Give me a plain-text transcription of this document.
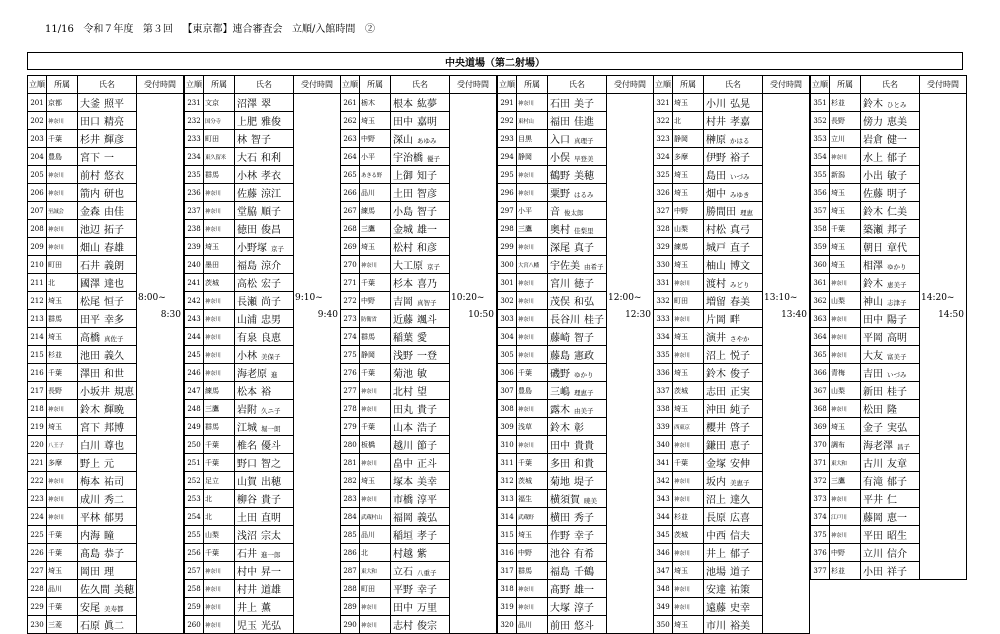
11/16 令和７年度 第３回 【東京都】連合審査会 立順/入館時間 ②
中央道場（第二射場）
立順	所属	氏名	受付時間
201	京都	大釜 照平	8:00~
8:30

202	神奈川	田口 精亮	
203	千葉	杉井 輝彦	
204	豊島	宮下 一	
205	神奈川	前村 悠衣	
206	神奈川	箭内 研也	
207	至誠会	金森 由佳	
208	神奈川	池辺 拓子	
209	神奈川	畑山 春雄	
210	町田	石井 義朗	
211	北	國澤 達也	
212	埼玉	松尾 恒子	
213	群馬	田平 幸多	
214	埼玉	高橋 真佐子	
215	杉並	池田 義久	
216	千葉	澤田 和世	
217	長野	小坂井 規恵	
218	神奈川	鈴木 輝晩	
219	埼玉	宮下 邦博	
220	八王子	白川 尊也	
221	多摩	野上 元	
222	神奈川	梅本 祐司	
223	神奈川	成川 秀二	
224	神奈川	平林 郁男	
225	千葉	内海 瞳	
226	千葉	髙島 恭子	
227	埼玉	岡田 理	
228	品川	佐久間 美穂	
229	千葉	安尾 美寿都	
230	三菱	石原 眞二	
立順	所属	氏名	受付時間
231	文京	沼澤 翠	9:10~
9:40

232	国分寺	上肥 雅俊	
233	町田	林 智子	
234	東久留米	大石 和利	
235	群馬	小林 孝衣	
236	神奈川	佐藤 涼江	
237	神奈川	堂脇 順子	
238	神奈川	徳田 俊昌	
239	埼玉	小野塚 京子	
240	墨田	福島 涼介	
241	茨城	高松 宏子	
242	神奈川	長瀬 尚子	
243	神奈川	山浦 忠男	
244	神奈川	有泉 良恵	
245	神奈川	小林 美保子	
246	神奈川	海老原 進	
247	練馬	松本 裕	
248	三鷹	岩附 久ニ子	
249	群馬	江城 堀一朗	
250	千葉	椎名 優斗	
251	千葉	野口 智之	
252	足立	山賀 出穂	
253	北	柳谷 貴子	
254	北	土田 直明	
255	山梨	浅沼 宗太	
256	千葉	石井 進一郎	
257	神奈川	村中 昇一	
258	神奈川	村井 道雄	
259	神奈川	井上 薫	
260	神奈川	児玉 光弘	
立順	所属	氏名	受付時間
261	栃木	根本 紘夢	10:20~
10:50

262	埼玉	田中 嘉明	
263	中野	深山 あゆみ	
264	小平	宇治橋 優子	
265	あきる野	上御 知子	
266	品川	土田 智彦	
267	練馬	小島 智子	
268	三鷹	金城 雄一	
269	埼玉	松村 和彦	
270	神奈川	大工原 京子	
271	千葉	杉本 喜乃	
272	中野	吉岡 真智子	
273	防衛省	近藤 颯斗	
274	群馬	稲葉 愛	
275	静岡	浅野 一登	
276	千葉	菊池 敏	
277	神奈川	北村 望	
278	神奈川	田丸 貴子	
279	千葉	山本 浩子	
280	板橋	越川 節子	
281	神奈川	畠中 正斗	
282	埼玉	塚本 美幸	
283	神奈川	市橋 淳平	
284	武蔵村山	福岡 義弘	
285	品川	稲垣 孝子	
286	北	村越 紫	
287	東大和	立石 八重子	
288	町田	平野 幸子	
289	神奈川	田中 万里	
290	神奈川	志村 俊宗	
立順	所属	氏名	受付時間
291	神奈川	石田 美子	12:00~
12:30

292	東村山	福田 佳進	
293	目黒	入口 真理子	
294	静岡	小俣 早登美	
295	神奈川	鶴野 美穂	
296	神奈川	粟野 はるみ	
297	小平	音 俊太郎	
298	三鷹	奥村 佳梨里	
299	神奈川	深尾 真子	
300	大宮八幡	宇佐美 由希子	
301	神奈川	宮川 徳子	
302	神奈川	茂俣 和弘	
303	神奈川	長谷川 桂子	
304	神奈川	藤崎 智子	
305	神奈川	藤島 憲政	
306	千葉	磯野 ゆかり	
307	豊島	三嶋 理恵子	
308	神奈川	露木 由美子	
309	浅草	鈴木 彰	
310	神奈川	田中 貴貴	
311	千葉	多田 和貴	
312	茨城	菊地 堤子	
313	福生	横須賀 暁美	
314	武蔵野	横田 秀子	
315	埼玉	作野 幸子	
316	中野	池谷 有希	
317	群馬	福島 千鶴	
318	神奈川	髙野 雄一	
319	神奈川	大塚 淳子	
320	品川	前田 悠斗	
立順	所属	氏名	受付時間
321	埼玉	小川 弘晃	13:10~
13:40

322	北	村井 孝嘉	
323	静岡	榊原 かはる	
324	多摩	伊野 裕子	
325	埼玉	島田 いづみ	
326	埼玉	畑中 みゆき	
327	中野	勝間田 理恵	
328	山梨	村松 真弓	
329	練馬	城戸 直子	
330	埼玉	柚山 博文	
331	神奈川	渡村 みどり	
332	町田	増留 春美	
333	神奈川	片岡 畔	
334	埼玉	演井 さやか	
335	神奈川	沼上 悦子	
336	埼玉	鈴木 俊子	
337	茨城	志田 正実	
338	埼玉	沖田 純子	
339	西東京	櫻井 啓子	
340	神奈川	鎌田 恵子	
341	千葉	金塚 安伸	
342	神奈川	坂内 美恵子	
343	神奈川	沼上 達久	
344	杉並	長原 広喜	
345	茨城	中西 信夫	
346	神奈川	井上 郁子	
347	埼玉	池場 道子	
348	神奈川	安達 祐策	
349	神奈川	遠藤 史幸	
350	埼玉	市川 裕美	
立順	所属	氏名	受付時間
351	杉並	鈴木 ひとみ	14:20~
14:50

352	長野	傍力 恵美	
353	立川	岩倉 健一	
354	神奈川	水上 郁子	
355	新潟	小出 敏子	
356	埼玉	佐藤 明子	
357	埼玉	鈴木 仁美	
358	千葉	築瀬 邦子	
359	埼玉	朝日 章代	
360	埼玉	相澤 ゆかり	
361	神奈川	鈴木 恵美子	
362	山梨	神山 志津子	
363	神奈川	田中 陽子	
364	神奈川	平岡 高明	
365	神奈川	大友 富美子	
366	青梅	吉田 いづみ	
367	山梨	新田 桂子	
368	神奈川	松田 隆	
369	埼玉	金子 実弘	
370	調布	海老澤 昌子	
371	東大和	古川 友章	
372	三鷹	有滝 郁子	
373	神奈川	平井 仁	
374	江戸川	藤岡 恵一	
375	神奈川	平田 昭生	
376	中野	立川 信介	
377	杉並	小田 祥子	
